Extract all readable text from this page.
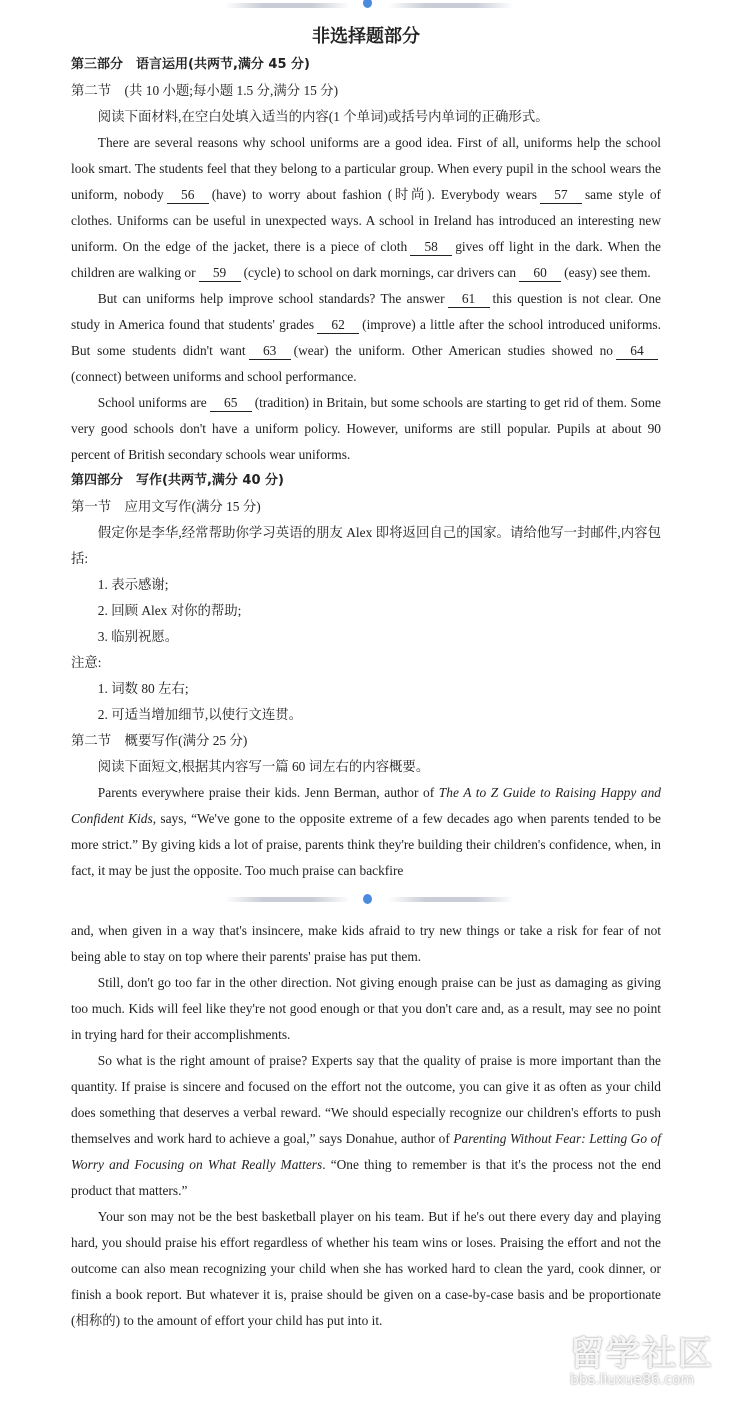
非选择题部分
第三部分　语言运用(共两节,满分 45 分)
第二节　(共 10 小题;每小题 1.5 分,满分 15 分)
阅读下面材料,在空白处填入适当的内容(1 个单词)或括号内单词的正确形式。
There are several reasons why school uniforms are a good idea. First of all, uniforms help the school look smart. The students feel that they belong to a particular group. When every pupil in the school wears the uniform, nobody 56 (have) to worry about fashion (时尚). Everybody wears 57 same style of clothes. Uniforms can be useful in unexpected ways. A school in Ireland has introduced an interesting new uniform. On the edge of the jacket, there is a piece of cloth 58 gives off light in the dark. When the children are walking or 59 (cycle) to school on dark mornings, car drivers can 60 (easy) see them.
But can uniforms help improve school standards? The answer 61 this question is not clear. One study in America found that students' grades 62 (improve) a little after the school introduced uniforms. But some students didn't want 63 (wear) the uniform. Other American studies showed no 64(connect) between uniforms and school performance.
School uniforms are 65 (tradition) in Britain, but some schools are starting to get rid of them. Some very good schools don't have a uniform policy. However, uniforms are still popular. Pupils at about 90 percent of British secondary schools wear uniforms.
第四部分　写作(共两节,满分 40 分)
第一节　应用文写作(满分 15 分)
假定你是李华,经常帮助你学习英语的朋友 Alex 即将返回自己的国家。请给他写一封邮件,内容包括:
1. 表示感谢;
2. 回顾 Alex 对你的帮助;
3. 临别祝愿。
注意:
1. 词数 80 左右;
2. 可适当增加细节,以使行文连贯。
第二节　概要写作(满分 25 分)
阅读下面短文,根据其内容写一篇 60 词左右的内容概要。
Parents everywhere praise their kids. Jenn Berman, author of The A to Z Guide to Raising Happy and Confident Kids, says, “We've gone to the opposite extreme of a few decades ago when parents tended to be more strict.” By giving kids a lot of praise, parents think they're building their children's confidence, when, in fact, it may be just the opposite. Too much praise can backfire
and, when given in a way that's insincere, make kids afraid to try new things or take a risk for fear of not being able to stay on top where their parents' praise has put them.
Still, don't go too far in the other direction. Not giving enough praise can be just as damaging as giving too much. Kids will feel like they're not good enough or that you don't care and, as a result, may see no point in trying hard for their accomplishments.
So what is the right amount of praise? Experts say that the quality of praise is more important than the quantity. If praise is sincere and focused on the effort not the outcome, you can give it as often as your child does something that deserves a verbal reward. “We should especially recognize our children's efforts to push themselves and work hard to achieve a goal,” says Donahue, author of Parenting Without Fear: Letting Go of Worry and Focusing on What Really Matters. “One thing to remember is that it's the process not the end product that matters.”
Your son may not be the best basketball player on his team. But if he's out there every day and playing hard, you should praise his effort regardless of whether his team wins or loses. Praising the effort and not the outcome can also mean recognizing your child when she has worked hard to clean the yard, cook dinner, or finish a book report. But whatever it is, praise should be given on a case-by-case basis and be proportionate (相称的) to the amount of effort your child has put into it.
留学社区
bbs.liuxue86.com
